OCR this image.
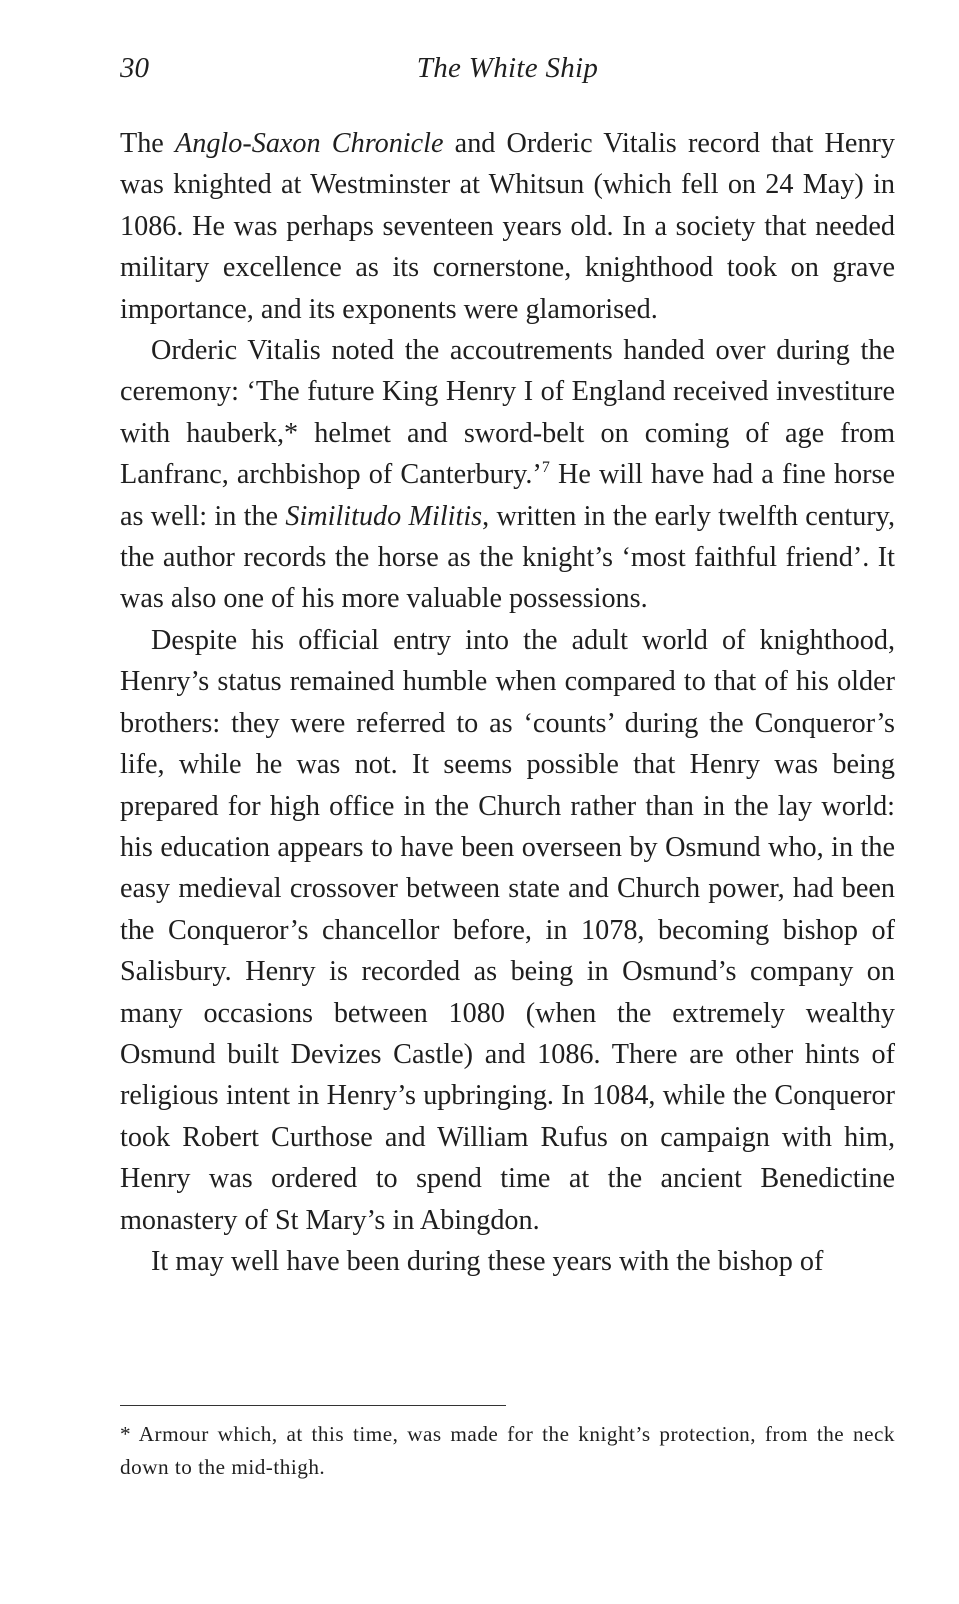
30	The White Ship

The Anglo-Saxon Chronicle and Orderic Vitalis record that Henry was knighted at Westminster at Whitsun (which fell on 24 May) in 1086. He was perhaps seventeen years old. In a society that needed military excellence as its cornerstone, knighthood took on grave importance, and its exponents were glamorised.

Orderic Vitalis noted the accoutrements handed over during the ceremony: ‘The future King Henry I of England received investiture with hauberk,* helmet and sword-belt on coming of age from Lanfranc, archbishop of Canterbury.’$^7$ He will have had a fine horse as well: in the Similitudo Militis, written in the early twelfth century, the author records the horse as the knight’s ‘most faithful friend’. It was also one of his more valuable possessions.

Despite his official entry into the adult world of knighthood, Henry’s status remained humble when compared to that of his older brothers: they were referred to as ‘counts’ during the Conqueror’s life, while he was not. It seems possible that Henry was being prepared for high office in the Church rather than in the lay world: his education appears to have been overseen by Osmund who, in the easy medieval crossover between state and Church power, had been the Conqueror’s chancellor before, in 1078, becoming bishop of Salisbury. Henry is recorded as being in Osmund’s company on many occasions between 1080 (when the extremely wealthy Osmund built Devizes Castle) and 1086. There are other hints of religious intent in Henry’s upbringing. In 1084, while the Conqueror took Robert Curthose and William Rufus on campaign with him, Henry was ordered to spend time at the ancient Benedictine monastery of St Mary’s in Abingdon.

It may well have been during these years with the bishop of

* Armour which, at this time, was made for the knight’s protection, from the neck down to the mid-thigh.
